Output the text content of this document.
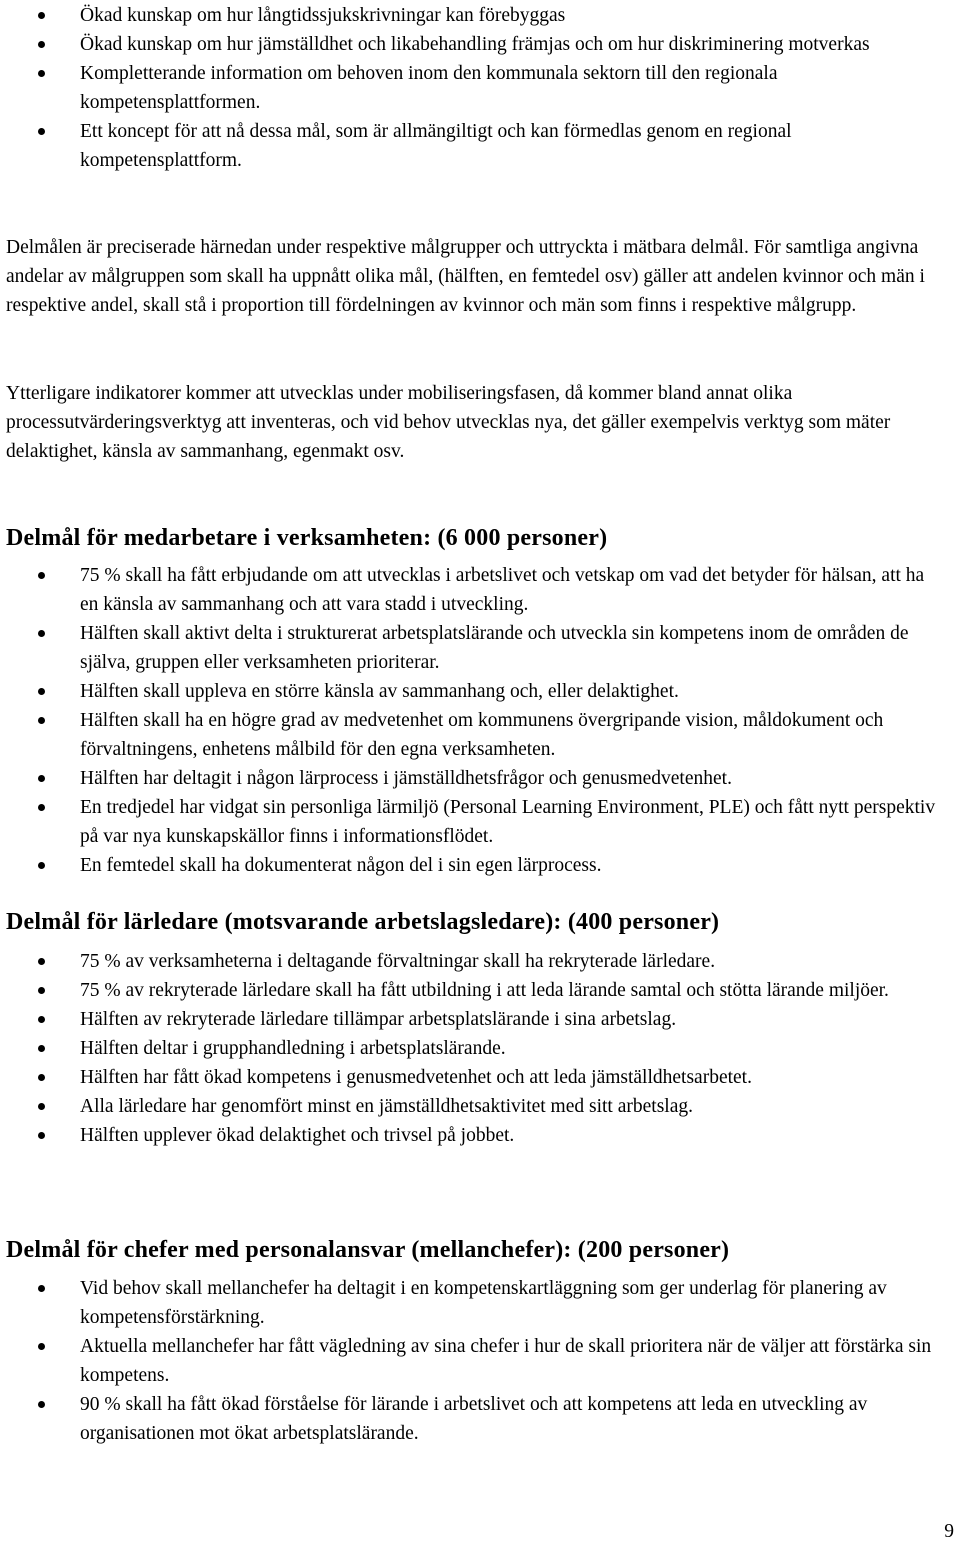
Ökad kunskap om hur långtidssjukskrivningar kan förebyggas
Ökad kunskap om hur jämställdhet och likabehandling främjas och om hur diskriminering motverkas
Kompletterande information om behoven inom den kommunala sektorn till den regionala kompetensplattformen.
Ett koncept för att nå dessa mål, som är allmängiltigt och kan förmedlas genom en regional kompetensplattform.

Delmålen är preciserade härnedan under respektive målgrupper och uttryckta i mätbara delmål. För samtliga angivna andelar av målgruppen som skall ha uppnått olika mål, (hälften, en femtedel osv) gäller att andelen kvinnor och män i respektive andel, skall stå i proportion till fördelningen av kvinnor och män som finns i respektive målgrupp.

Ytterligare indikatorer kommer att utvecklas under mobiliseringsfasen, då kommer bland annat olika processutvärderingsverktyg att inventeras, och vid behov utvecklas nya, det gäller exempelvis verktyg som mäter delaktighet, känsla av sammanhang, egenmakt osv.

Delmål för medarbetare i verksamheten: (6 000 personer)
75 % skall ha fått erbjudande om att utvecklas i arbetslivet och vetskap om vad det betyder för hälsan, att ha en känsla av sammanhang och att vara stadd i utveckling.
Hälften skall aktivt delta i strukturerat arbetsplatslärande och utveckla sin kompetens inom de områden de själva, gruppen eller verksamheten prioriterar.
Hälften skall uppleva en större känsla av sammanhang och, eller delaktighet.
Hälften skall ha en högre grad av medvetenhet om kommunens övergripande vision, måldokument och förvaltningens, enhetens målbild för den egna verksamheten.
Hälften har deltagit i någon lärprocess i jämställdhetsfrågor och genusmedvetenhet.
En tredjedel har vidgat sin personliga lärmiljö (Personal Learning Environment, PLE) och fått nytt perspektiv på var nya kunskapskällor finns i informationsflödet.
En femtedel skall ha dokumenterat någon del i sin egen lärprocess.
Delmål för lärledare (motsvarande arbetslagsledare): (400 personer)
75 % av verksamheterna i deltagande förvaltningar skall ha rekryterade lärledare.
75 % av rekryterade lärledare skall ha fått utbildning i att leda lärande samtal och stötta lärande miljöer.
Hälften av rekryterade lärledare tillämpar arbetsplatslärande i sina arbetslag.
Hälften deltar i grupphandledning i arbetsplatslärande.
Hälften har fått ökad kompetens i genusmedvetenhet och att leda jämställdhetsarbetet.
Alla lärledare har genomfört minst en jämställdhetsaktivitet med sitt arbetslag.
Hälften upplever ökad delaktighet och trivsel på jobbet.
Delmål för chefer med personalansvar (mellanchefer): (200 personer)
Vid behov skall mellanchefer ha deltagit i en kompetenskartläggning som ger underlag för planering av kompetensförstärkning.
Aktuella mellanchefer har fått vägledning av sina chefer i hur de skall prioritera när de väljer att förstärka sin kompetens.
90 % skall ha fått ökad förståelse för lärande i arbetslivet och att kompetens att leda en utveckling av organisationen mot ökat arbetsplatslärande.
9
